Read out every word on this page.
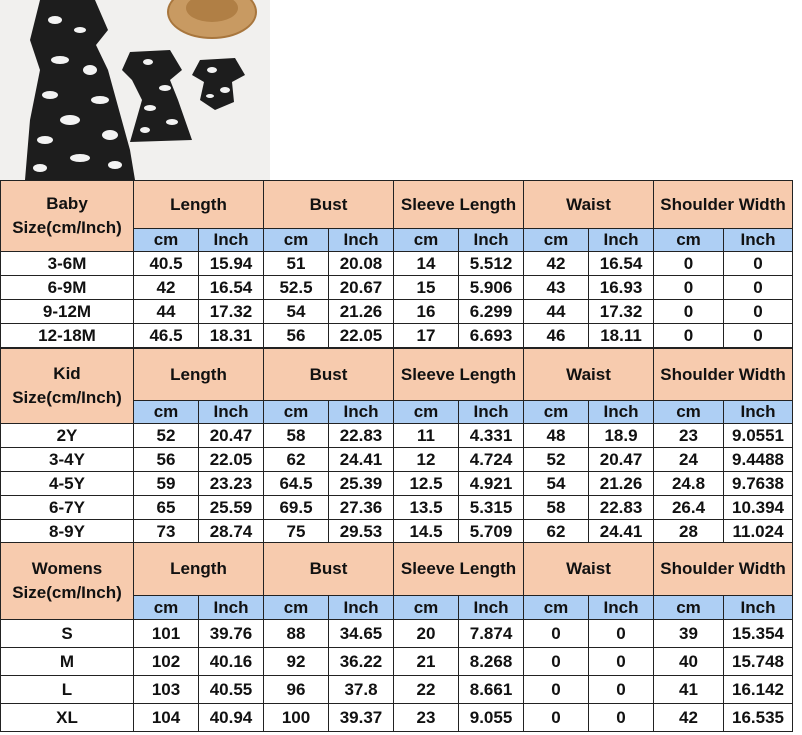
Baby
Size(cm/Inch)	Length		Bust		Sleeve Length		Waist		Shoulder Width	
	cm	Inch	cm	Inch	cm	Inch	cm	Inch	cm	Inch
3-6M	40.5	15.94	51	20.08	14	5.512	42	16.54	0	0
6-9M	42	16.54	52.5	20.67	15	5.906	43	16.93	0	0
9-12M	44	17.32	54	21.26	16	6.299	44	17.32	0	0
12-18M	46.5	18.31	56	22.05	17	6.693	46	18.11	0	0
Kid
Size(cm/Inch)	Length		Bust		Sleeve Length		Waist		Shoulder Width	
	cm	Inch	cm	Inch	cm	Inch	cm	Inch	cm	Inch
2Y	52	20.47	58	22.83	11	4.331	48	18.9	23	9.0551
3-4Y	56	22.05	62	24.41	12	4.724	52	20.47	24	9.4488
4-5Y	59	23.23	64.5	25.39	12.5	4.921	54	21.26	24.8	9.7638
6-7Y	65	25.59	69.5	27.36	13.5	5.315	58	22.83	26.4	10.394
8-9Y	73	28.74	75	29.53	14.5	5.709	62	24.41	28	11.024
Womens
Size(cm/Inch)	Length		Bust		Sleeve Length		Waist		Shoulder Width	
	cm	Inch	cm	Inch	cm	Inch	cm	Inch	cm	Inch
S	101	39.76	88	34.65	20	7.874	0	0	39	15.354
M	102	40.16	92	36.22	21	8.268	0	0	40	15.748
L	103	40.55	96	37.8	22	8.661	0	0	41	16.142
XL	104	40.94	100	39.37	23	9.055	0	0	42	16.535
